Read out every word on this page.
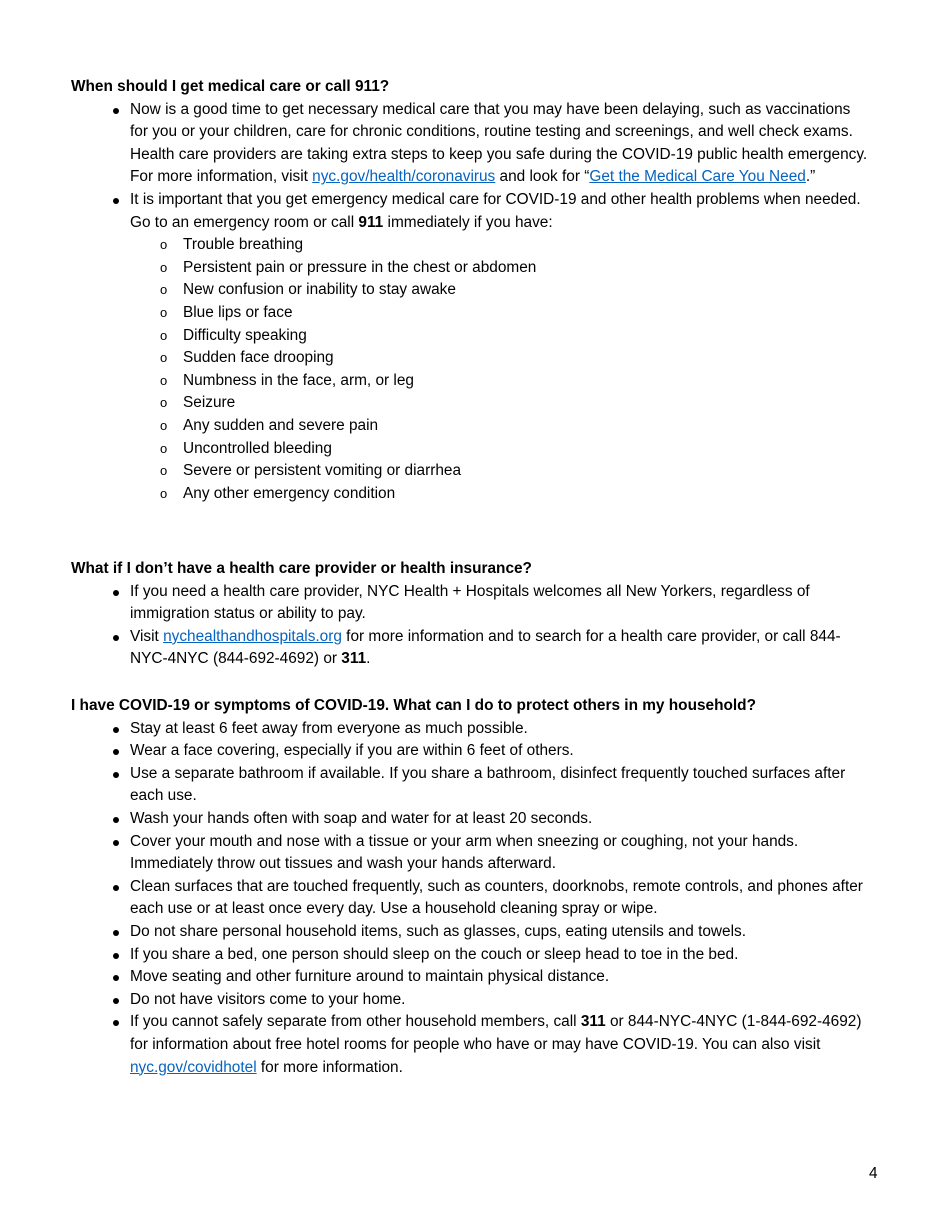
When should I get medical care or call 911?
Now is a good time to get necessary medical care that you may have been delaying, such as vaccinations for you or your children, care for chronic conditions, routine testing and screenings, and well check exams. Health care providers are taking extra steps to keep you safe during the COVID-19 public health emergency. For more information, visit nyc.gov/health/coronavirus and look for “Get the Medical Care You Need.”
It is important that you get emergency medical care for COVID-19 and other health problems when needed. Go to an emergency room or call 911 immediately if you have:
o Trouble breathing
o Persistent pain or pressure in the chest or abdomen
o New confusion or inability to stay awake
o Blue lips or face
o Difficulty speaking
o Sudden face drooping
o Numbness in the face, arm, or leg
o Seizure
o Any sudden and severe pain
o Uncontrolled bleeding
o Severe or persistent vomiting or diarrhea
o Any other emergency condition
What if I don’t have a health care provider or health insurance?
If you need a health care provider, NYC Health + Hospitals welcomes all New Yorkers, regardless of immigration status or ability to pay.
Visit nychealthandhospitals.org for more information and to search for a health care provider, or call 844-NYC-4NYC (844-692-4692) or 311.
I have COVID-19 or symptoms of COVID-19. What can I do to protect others in my household?
Stay at least 6 feet away from everyone as much possible.
Wear a face covering, especially if you are within 6 feet of others.
Use a separate bathroom if available. If you share a bathroom, disinfect frequently touched surfaces after each use.
Wash your hands often with soap and water for at least 20 seconds.
Cover your mouth and nose with a tissue or your arm when sneezing or coughing, not your hands. Immediately throw out tissues and wash your hands afterward.
Clean surfaces that are touched frequently, such as counters, doorknobs, remote controls, and phones after each use or at least once every day. Use a household cleaning spray or wipe.
Do not share personal household items, such as glasses, cups, eating utensils and towels.
If you share a bed, one person should sleep on the couch or sleep head to toe in the bed.
Move seating and other furniture around to maintain physical distance.
Do not have visitors come to your home.
If you cannot safely separate from other household members, call 311 or 844-NYC-4NYC (1-844-692-4692) for information about free hotel rooms for people who have or may have COVID-19. You can also visit nyc.gov/covidhotel for more information.
4
